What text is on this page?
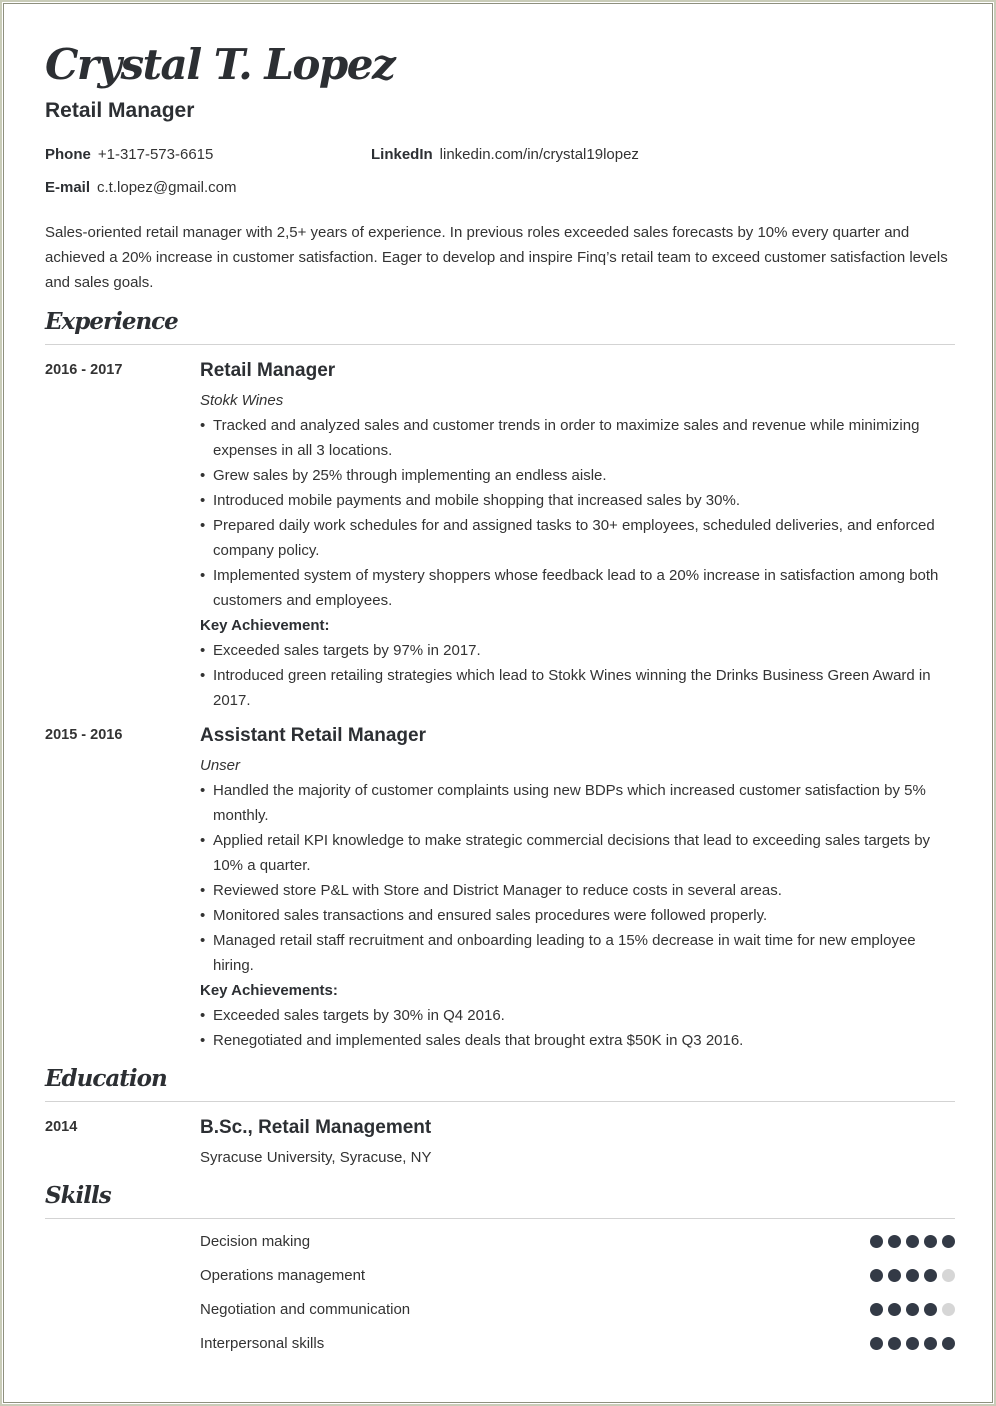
Crystal T. Lopez
Retail Manager
Phone +1-317-573-6615	LinkedIn linkedin.com/in/crystal19lopez
E-mail c.t.lopez@gmail.com
Sales-oriented retail manager with 2,5+ years of experience. In previous roles exceeded sales forecasts by 10% every quarter and achieved a 20% increase in customer satisfaction. Eager to develop and inspire Finq’s retail team to exceed customer satisfaction levels and sales goals.
Experience
2016 - 2017	Retail Manager
Stokk Wines
• Tracked and analyzed sales and customer trends in order to maximize sales and revenue while minimizing expenses in all 3 locations.
• Grew sales by 25% through implementing an endless aisle.
• Introduced mobile payments and mobile shopping that increased sales by 30%.
• Prepared daily work schedules for and assigned tasks to 30+ employees, scheduled deliveries, and enforced company policy.
• Implemented system of mystery shoppers whose feedback lead to a 20% increase in satisfaction among both customers and employees.
Key Achievement:
• Exceeded sales targets by 97% in 2017.
• Introduced green retailing strategies which lead to Stokk Wines winning the Drinks Business Green Award in 2017.
2015 - 2016	Assistant Retail Manager
Unser
• Handled the majority of customer complaints using new BDPs which increased customer satisfaction by 5% monthly.
• Applied retail KPI knowledge to make strategic commercial decisions that lead to exceeding sales targets by 10% a quarter.
• Reviewed store P&L with Store and District Manager to reduce costs in several areas.
• Monitored sales transactions and ensured sales procedures were followed properly.
• Managed retail staff recruitment and onboarding leading to a 15% decrease in wait time for new employee hiring.
Key Achievements:
• Exceeded sales targets by 30% in Q4 2016.
• Renegotiated and implemented sales deals that brought extra $50K in Q3 2016.
Education
2014	B.Sc., Retail Management
Syracuse University, Syracuse, NY
Skills
Decision making
Operations management
Negotiation and communication
Interpersonal skills
